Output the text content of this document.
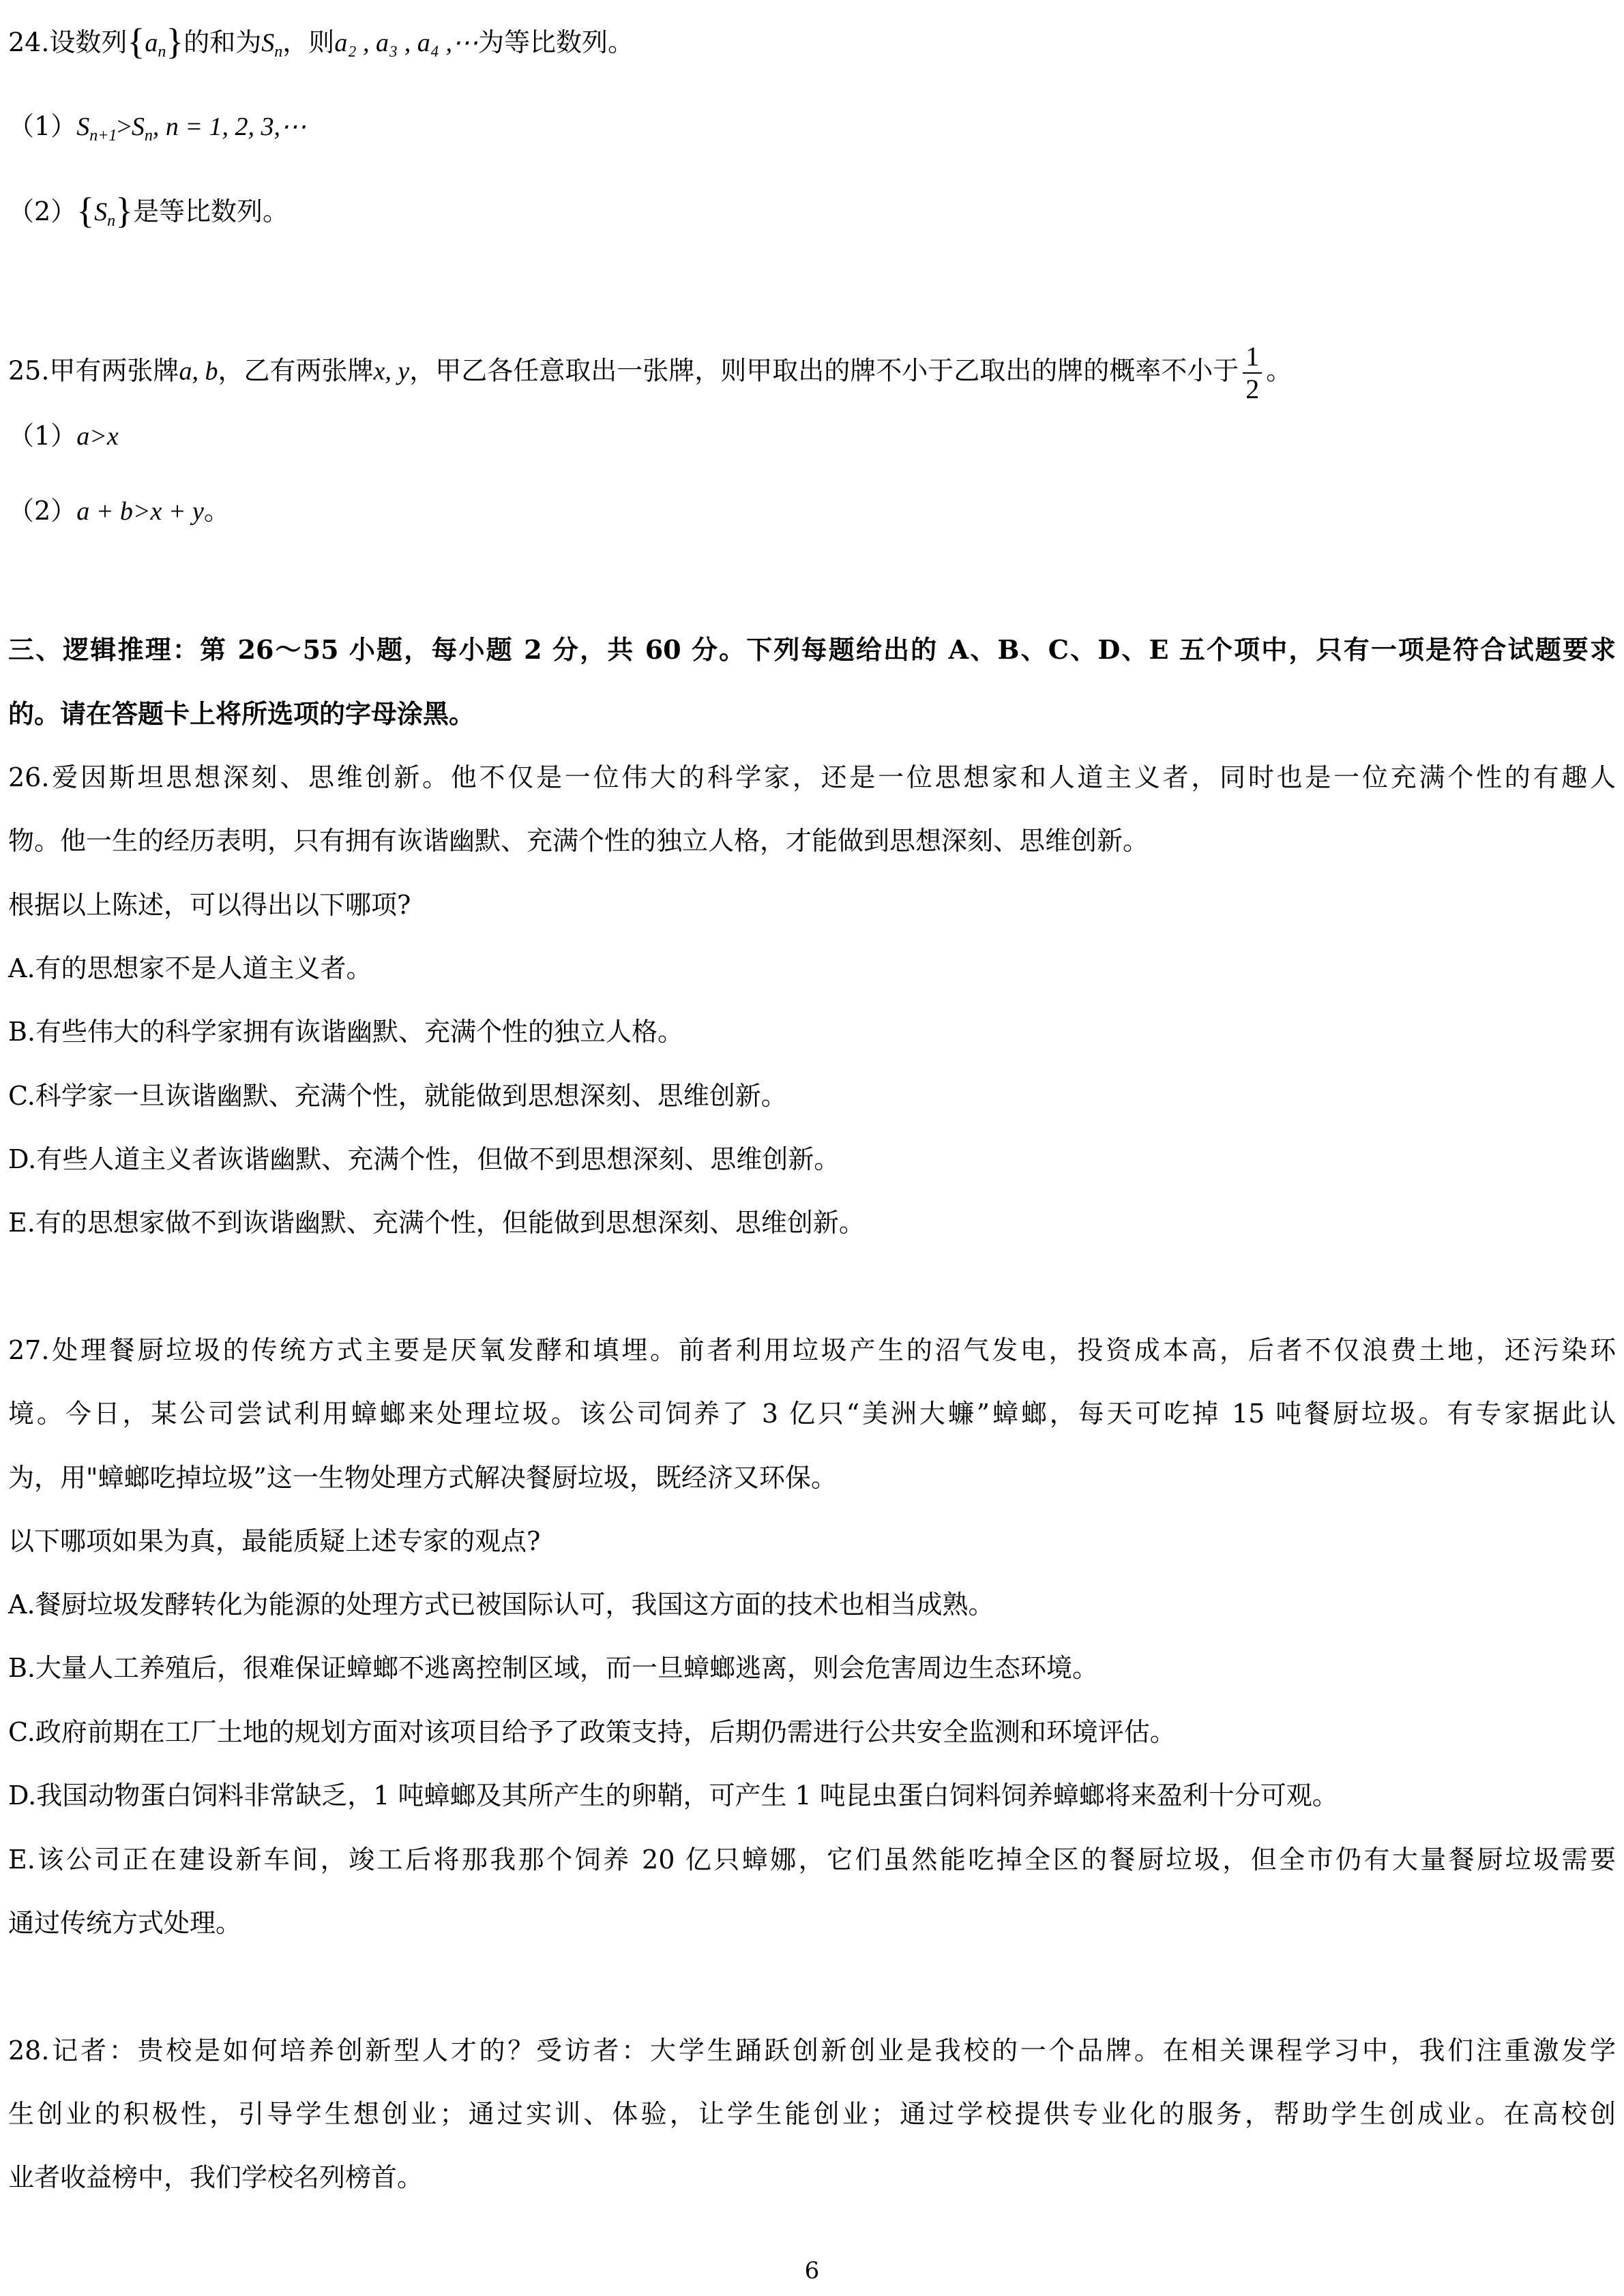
24.设数列$\{a_n\}$的和为$S_n$，则a₂ , a₃ , a₄ ,⋯为等比数列。
$(1)S_{n+1}>S_n$, n = 1, 2, 3,⋯
$(2)\{S_n\}$是等比数列。
25.甲有两张牌a, b，乙有两张牌x, y，甲乙各任意取出一张牌，则甲取出的牌不小于乙取出的牌的概率不小于 $\frac{1}{2}$ 。
（1）a>x
（2）a + b>x + y。
三、逻辑推理：第 26～55 小题，每小题 2 分，共 60 分。下列每题给出的 A、B、C、D、E 五个项中，只有一项是符合试题要求
的。请在答题卡上将所选项的字母涂黑。
26.爱因斯坦思想深刻、思维创新。他不仅是一位伟大的科学家，还是一位思想家和人道主义者，同时也是一位充满个性的有趣人
物。他一生的经历表明，只有拥有诙谐幽默、充满个性的独立人格，才能做到思想深刻、思维创新。
根据以上陈述，可以得出以下哪项?
A.有的思想家不是人道主义者。
B.有些伟大的科学家拥有诙谐幽默、充满个性的独立人格。
C.科学家一旦诙谐幽默、充满个性，就能做到思想深刻、思维创新。
D.有些人道主义者诙谐幽默、充满个性，但做不到思想深刻、思维创新。
E.有的思想家做不到诙谐幽默、充满个性，但能做到思想深刻、思维创新。
27.处理餐厨垃圾的传统方式主要是厌氧发酵和填埋。前者利用垃圾产生的沼气发电，投资成本高，后者不仅浪费土地，还污染环
境。今日，某公司尝试利用蟑螂来处理垃圾。该公司饲养了 3 亿只“美洲大蠊”蟑螂，每天可吃掉 15 吨餐厨垃圾。有专家据此认
为，用"蟑螂吃掉垃圾”这一生物处理方式解决餐厨垃圾，既经济又环保。
以下哪项如果为真，最能质疑上述专家的观点?
A.餐厨垃圾发酵转化为能源的处理方式已被国际认可，我国这方面的技术也相当成熟。
B.大量人工养殖后，很难保证蟑螂不逃离控制区域，而一旦蟑螂逃离，则会危害周边生态环境。
C.政府前期在工厂土地的规划方面对该项目给予了政策支持，后期仍需进行公共安全监测和环境评估。
D.我国动物蛋白饲料非常缺乏，1 吨蟑螂及其所产生的卵鞘，可产生 1 吨昆虫蛋白饲料饲养蟑螂将来盈利十分可观。
E.该公司正在建设新车间，竣工后将那我那个饲养 20 亿只蟑娜，它们虽然能吃掉全区的餐厨垃圾，但全市仍有大量餐厨垃圾需要
通过传统方式处理。
28.记者：贵校是如何培养创新型人才的？受访者：大学生踊跃创新创业是我校的一个品牌。在相关课程学习中，我们注重激发学
生创业的积极性，引导学生想创业；通过实训、体验，让学生能创业；通过学校提供专业化的服务，帮助学生创成业。在高校创
业者收益榜中，我们学校名列榜首。
6
